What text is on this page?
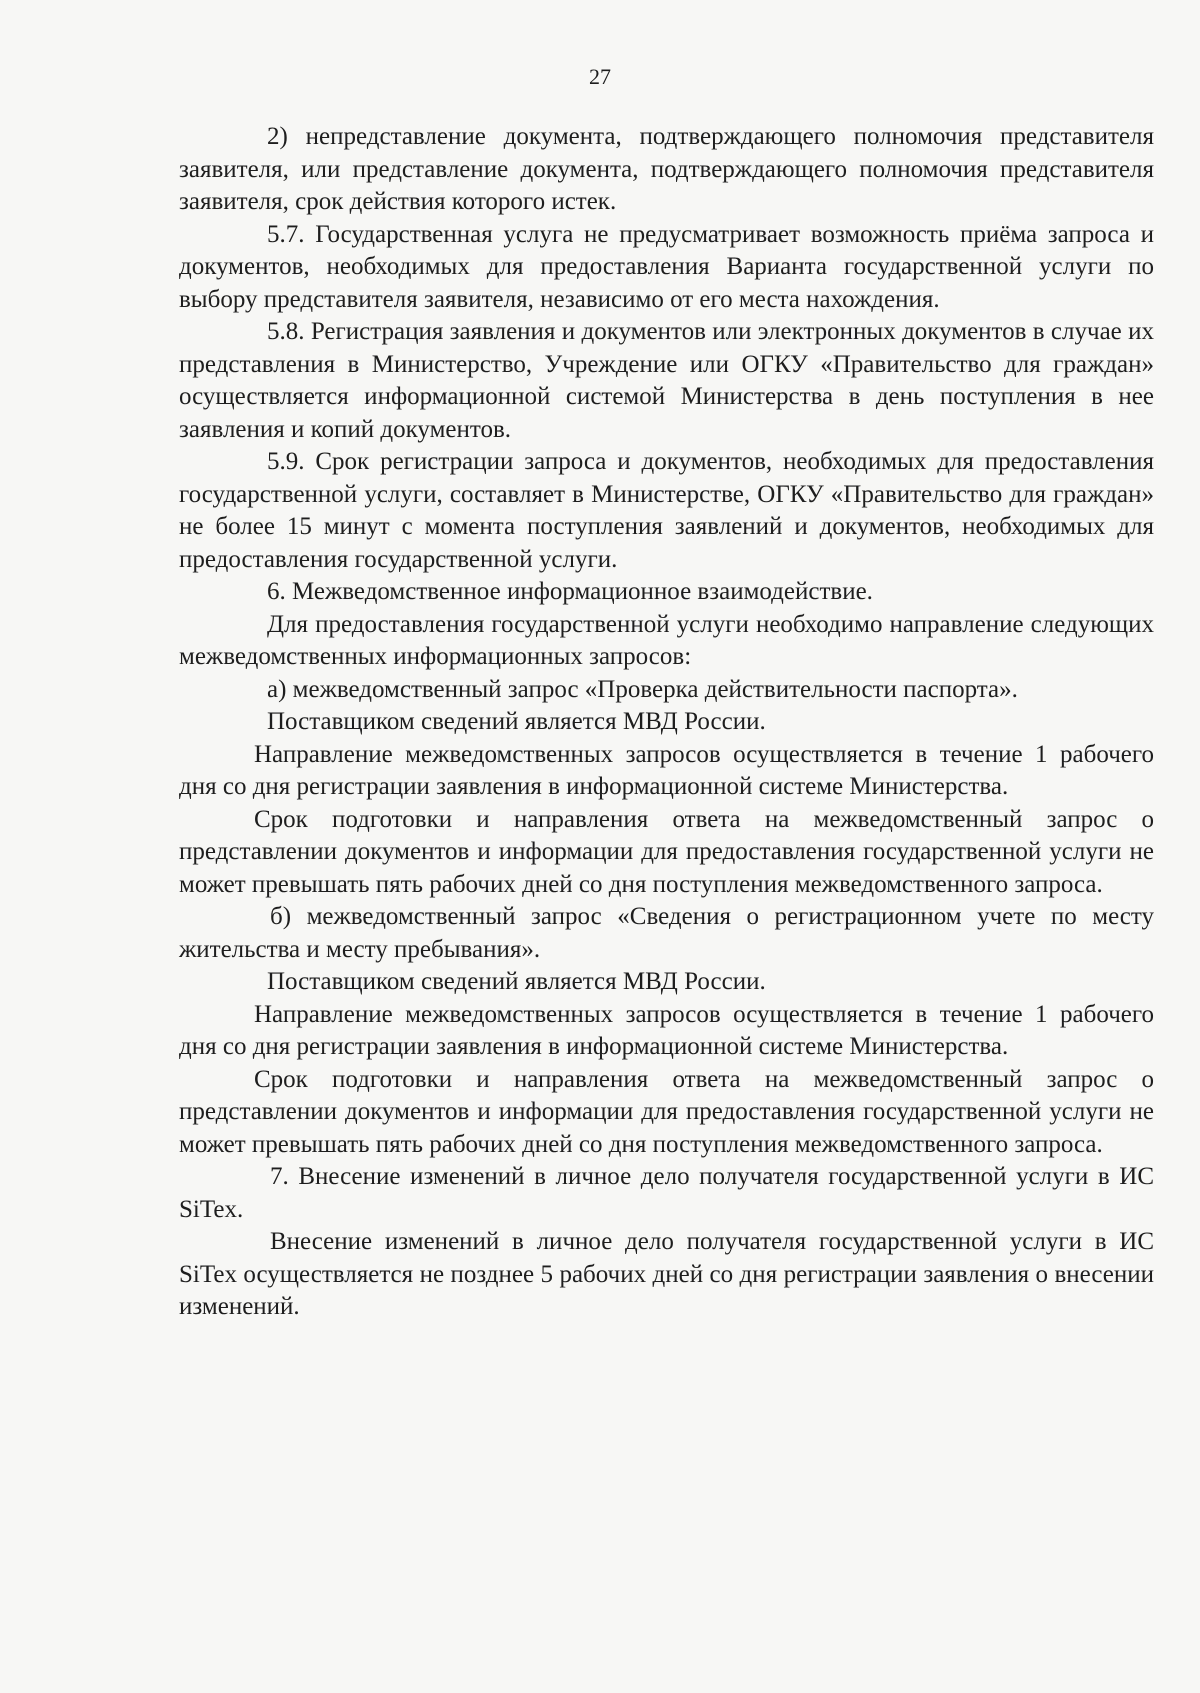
27

2) непредставление документа, подтверждающего полномочия представителя заявителя, или представление документа, подтверждающего полномочия представителя заявителя, срок действия которого истек.

5.7. Государственная услуга не предусматривает возможность приёма запроса и документов, необходимых для предоставления Варианта государственной услуги по выбору представителя заявителя, независимо от его места нахождения.

5.8. Регистрация заявления и документов или электронных документов в случае их представления в Министерство, Учреждение или ОГКУ «Правительство для граждан» осуществляется информационной системой Министерства в день поступления в нее заявления и копий документов.

5.9. Срок регистрации запроса и документов, необходимых для предоставления государственной услуги, составляет в Министерстве, ОГКУ «Правительство для граждан» не более 15 минут с момента поступления заявлений и документов, необходимых для предоставления государственной услуги.

6. Межведомственное информационное взаимодействие.

Для предоставления государственной услуги необходимо направление следующих межведомственных информационных запросов:

а) межведомственный запрос «Проверка действительности паспорта».

Поставщиком сведений является МВД России.

Направление межведомственных запросов осуществляется в течение 1 рабочего дня со дня регистрации заявления в информационной системе Министерства.

Срок подготовки и направления ответа на межведомственный запрос о представлении документов и информации для предоставления государственной услуги не может превышать пять рабочих дней со дня поступления межведомственного запроса.

б) межведомственный запрос «Сведения о регистрационном учете по месту жительства и месту пребывания».

Поставщиком сведений является МВД России.

Направление межведомственных запросов осуществляется в течение 1 рабочего дня со дня регистрации заявления в информационной системе Министерства.

Срок подготовки и направления ответа на межведомственный запрос о представлении документов и информации для предоставления государственной услуги не может превышать пять рабочих дней со дня поступления межведомственного запроса.

7. Внесение изменений в личное дело получателя государственной услуги в ИС SiTex.

Внесение изменений в личное дело получателя государственной услуги в ИС SiTex осуществляется не позднее 5 рабочих дней со дня регистрации заявления о внесении изменений.
